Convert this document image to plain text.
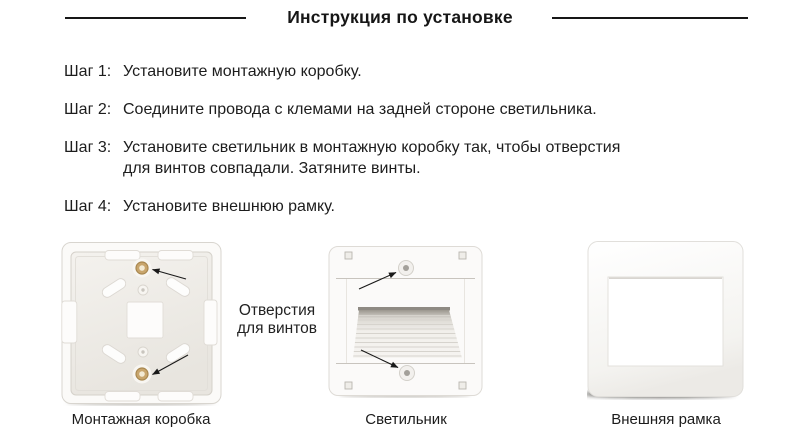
Инструкция по установке
Шаг 1: Установите монтажную коробку.
Шаг 2: Соедините провода с клемами на задней стороне светильника.
Шаг 3: Установите светильник в монтажную коробку так, чтобы отверстия для винтов совпадали. Затяните винты.
Шаг 4: Установите внешнюю рамку.
Отверстия
для винтов
Монтажная коробка	Светильник	Внешняя рамка
